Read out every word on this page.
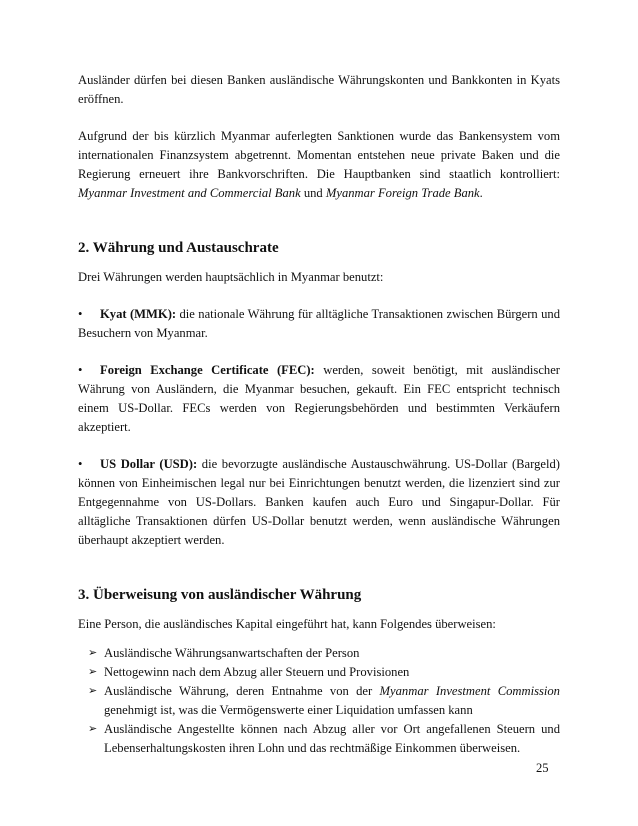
Ausländer dürfen bei diesen Banken ausländische Währungskonten und Bankkonten in Kyats eröffnen.

Aufgrund der bis kürzlich Myanmar auferlegten Sanktionen wurde das Bankensystem vom internationalen Finanzsystem abgetrennt. Momentan entstehen neue private Baken und die Regierung erneuert ihre Bankvorschriften. Die Hauptbanken sind staatlich kontrolliert: Myanmar Investment and Commercial Bank und Myanmar Foreign Trade Bank.

2. Währung und Austauschrate

Drei Währungen werden hauptsächlich in Myanmar benutzt:

• Kyat (MMK): die nationale Währung für alltägliche Transaktionen zwischen Bürgern und Besuchern von Myanmar.

• Foreign Exchange Certificate (FEC): werden, soweit benötigt, mit ausländischer Währung von Ausländern, die Myanmar besuchen, gekauft. Ein FEC entspricht technisch einem US-Dollar. FECs werden von Regierungsbehörden und bestimmten Verkäufern akzeptiert.

• US Dollar (USD): die bevorzugte ausländische Austauschwährung. US-Dollar (Bargeld) können von Einheimischen legal nur bei Einrichtungen benutzt werden, die lizenziert sind zur Entgegennahme von US-Dollars. Banken kaufen auch Euro und Singapur-Dollar. Für alltägliche Transaktionen dürfen US-Dollar benutzt werden, wenn ausländische Währungen überhaupt akzeptiert werden.

3. Überweisung von ausländischer Währung

Eine Person, die ausländisches Kapital eingeführt hat, kann Folgendes überweisen:

➢ Ausländische Währungsanwartschaften der Person
➢ Nettogewinn nach dem Abzug aller Steuern und Provisionen
➢ Ausländische Währung, deren Entnahme von der Myanmar Investment Commission genehmigt ist, was die Vermögenswerte einer Liquidation umfassen kann
➢ Ausländische Angestellte können nach Abzug aller vor Ort angefallenen Steuern und Lebenserhaltungskosten ihren Lohn und das rechtmäßige Einkommen überweisen.
25
